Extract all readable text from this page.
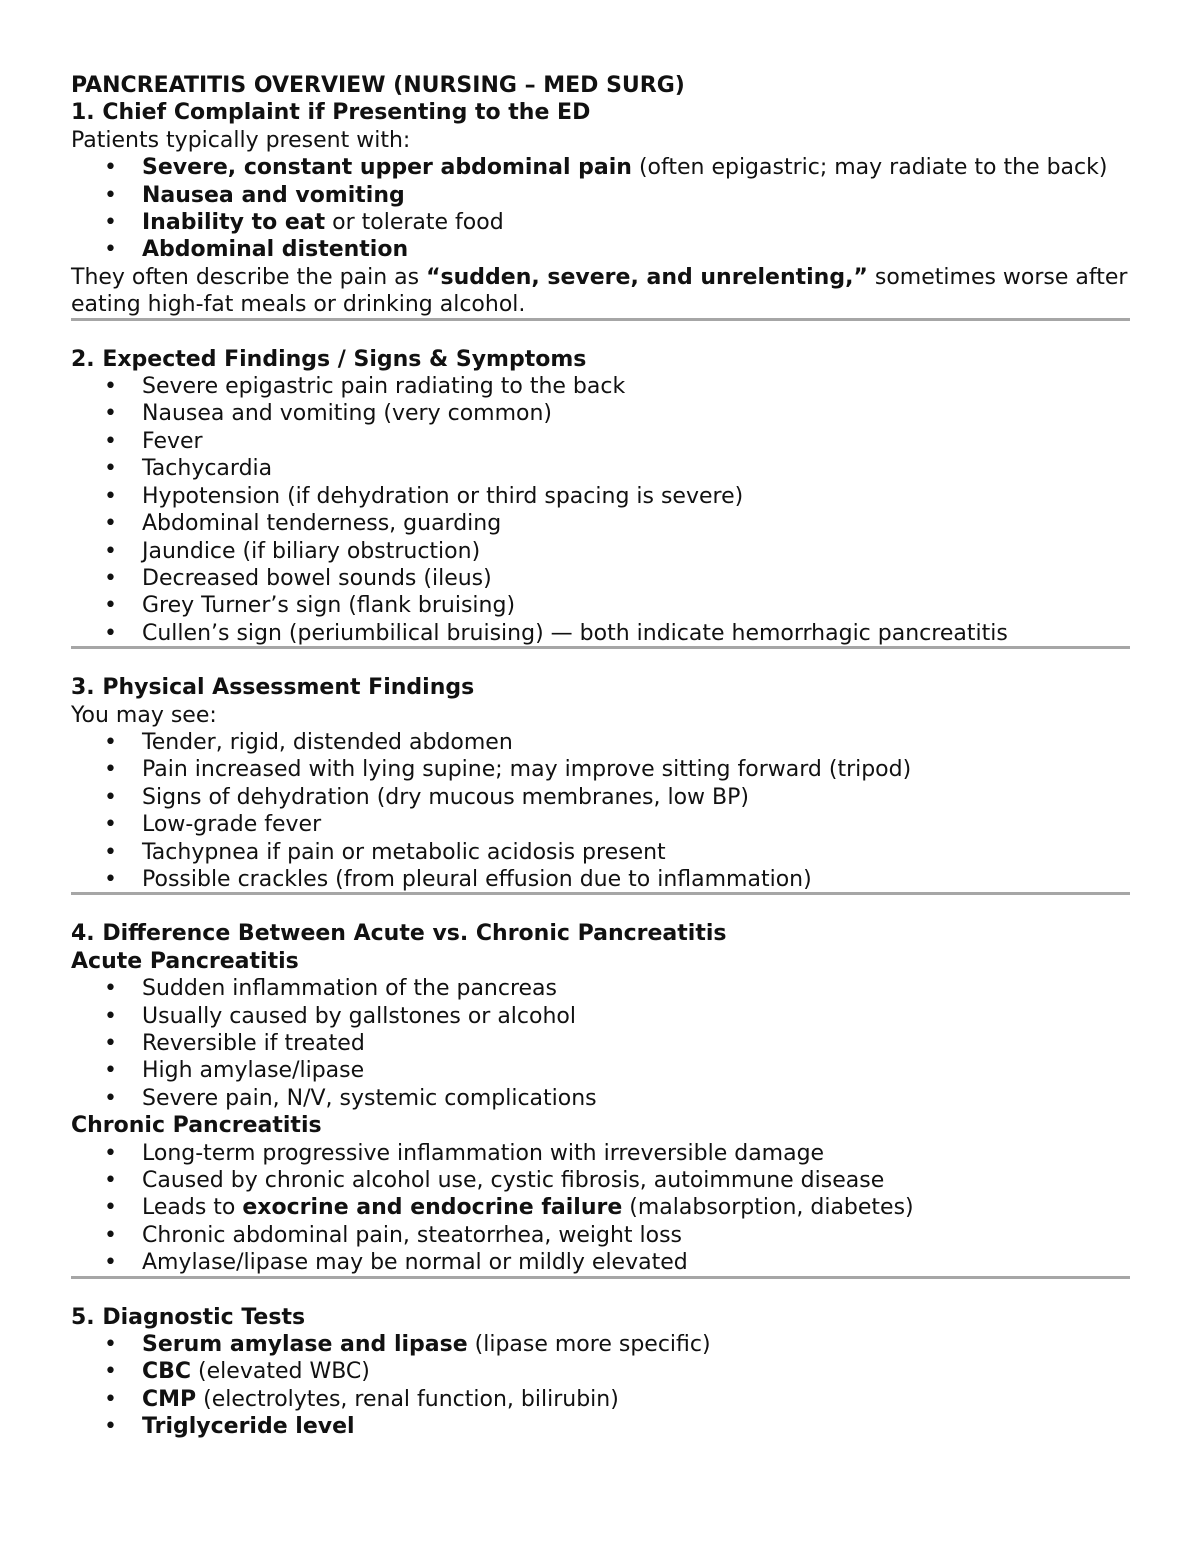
PANCREATITIS OVERVIEW (NURSING – MED SURG)
1. Chief Complaint if Presenting to the ED
Patients typically present with:
• Severe, constant upper abdominal pain (often epigastric; may radiate to the back)
• Nausea and vomiting
• Inability to eat or tolerate food
• Abdominal distention

They often describe the pain as “sudden, severe, and unrelenting,” sometimes worse after eating high-fat meals or drinking alcohol.

2. Expected Findings / Signs & Symptoms
• Severe epigastric pain radiating to the back
• Nausea and vomiting (very common)
• Fever
• Tachycardia
• Hypotension (if dehydration or third spacing is severe)
• Abdominal tenderness, guarding
• Jaundice (if biliary obstruction)
• Decreased bowel sounds (ileus)
• Grey Turner’s sign (flank bruising)
• Cullen’s sign (periumbilical bruising) — both indicate hemorrhagic pancreatitis
3. Physical Assessment Findings
You may see:
• Tender, rigid, distended abdomen
• Pain increased with lying supine; may improve sitting forward (tripod)
• Signs of dehydration (dry mucous membranes, low BP)
• Low-grade fever
• Tachypnea if pain or metabolic acidosis present
• Possible crackles (from pleural effusion due to inflammation)
4. Difference Between Acute vs. Chronic Pancreatitis
Acute Pancreatitis
• Sudden inflammation of the pancreas
• Usually caused by gallstones or alcohol
• Reversible if treated
• High amylase/lipase
• Severe pain, N/V, systemic complications
Chronic Pancreatitis
• Long-term progressive inflammation with irreversible damage
• Caused by chronic alcohol use, cystic fibrosis, autoimmune disease
• Leads to exocrine and endocrine failure (malabsorption, diabetes)
• Chronic abdominal pain, steatorrhea, weight loss
• Amylase/lipase may be normal or mildly elevated
5. Diagnostic Tests
• Serum amylase and lipase (lipase more specific)
• CBC (elevated WBC)
• CMP (electrolytes, renal function, bilirubin)
• Triglyceride level
